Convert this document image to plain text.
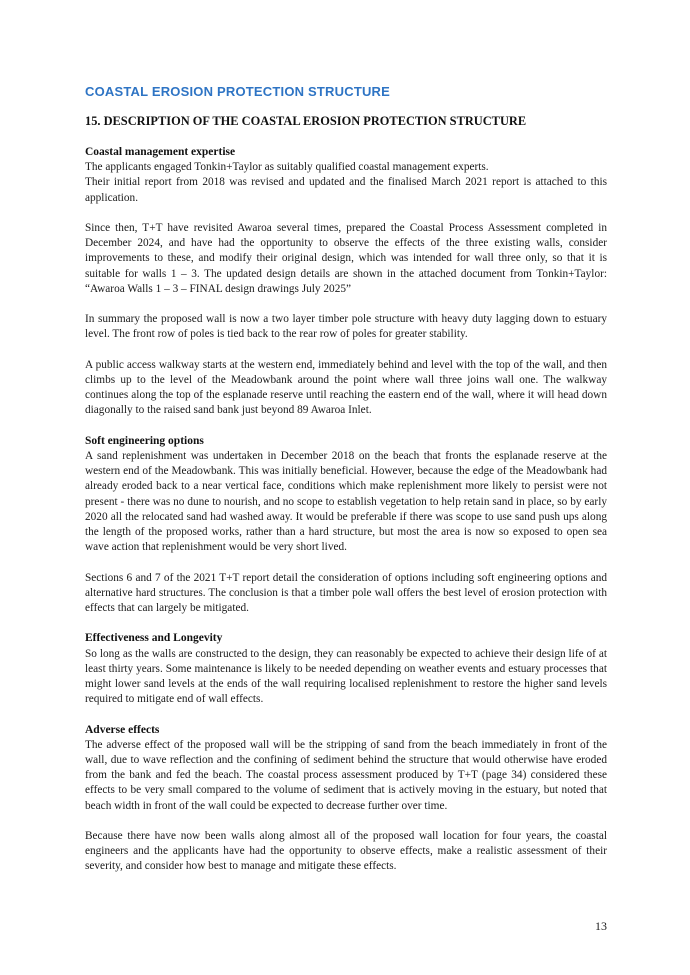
COASTAL EROSION PROTECTION STRUCTURE
15. DESCRIPTION OF THE COASTAL EROSION PROTECTION STRUCTURE
Coastal management expertise

The applicants engaged Tonkin+Taylor as suitably qualified coastal management experts.

Their initial report from 2018 was revised and updated and the finalised March 2021 report is attached to this application.

Since then, T+T have revisited Awaroa several times, prepared the Coastal Process Assessment completed in December 2024, and have had the opportunity to observe the effects of the three existing walls, consider improvements to these, and modify their original design, which was intended for wall three only, so that it is suitable for walls 1 – 3. The updated design details are shown in the attached document from Tonkin+Taylor: “Awaroa Walls 1 – 3 – FINAL design drawings July 2025”

In summary the proposed wall is now a two layer timber pole structure with heavy duty lagging down to estuary level. The front row of poles is tied back to the rear row of poles for greater stability.

A public access walkway starts at the western end, immediately behind and level with the top of the wall, and then climbs up to the level of the Meadowbank around the point where wall three joins wall one. The walkway continues along the top of the esplanade reserve until reaching the eastern end of the wall, where it will head down diagonally to the raised sand bank just beyond 89 Awaroa Inlet.

Soft engineering options

A sand replenishment was undertaken in December 2018 on the beach that fronts the esplanade reserve at the western end of the Meadowbank. This was initially beneficial. However, because the edge of the Meadowbank had already eroded back to a near vertical face, conditions which make replenishment more likely to persist were not present - there was no dune to nourish, and no scope to establish vegetation to help retain sand in place, so by early 2020 all the relocated sand had washed away. It would be preferable if there was scope to use sand push ups along the length of the proposed works, rather than a hard structure, but most the area is now so exposed to open sea wave action that replenishment would be very short lived.

Sections 6 and 7 of the 2021 T+T report detail the consideration of options including soft engineering options and alternative hard structures. The conclusion is that a timber pole wall offers the best level of erosion protection with effects that can largely be mitigated.

Effectiveness and Longevity

So long as the walls are constructed to the design, they can reasonably be expected to achieve their design life of at least thirty years. Some maintenance is likely to be needed depending on weather events and estuary processes that might lower sand levels at the ends of the wall requiring localised replenishment to restore the higher sand levels required to mitigate end of wall effects.

Adverse effects

The adverse effect of the proposed wall will be the stripping of sand from the beach immediately in front of the wall, due to wave reflection and the confining of sediment behind the structure that would otherwise have eroded from the bank and fed the beach. The coastal process assessment produced by T+T (page 34) considered these effects to be very small compared to the volume of sediment that is actively moving in the estuary, but noted that beach width in front of the wall could be expected to decrease further over time.

Because there have now been walls along almost all of the proposed wall location for four years, the coastal engineers and the applicants have had the opportunity to observe effects, make a realistic assessment of their severity, and consider how best to manage and mitigate these effects.

13
